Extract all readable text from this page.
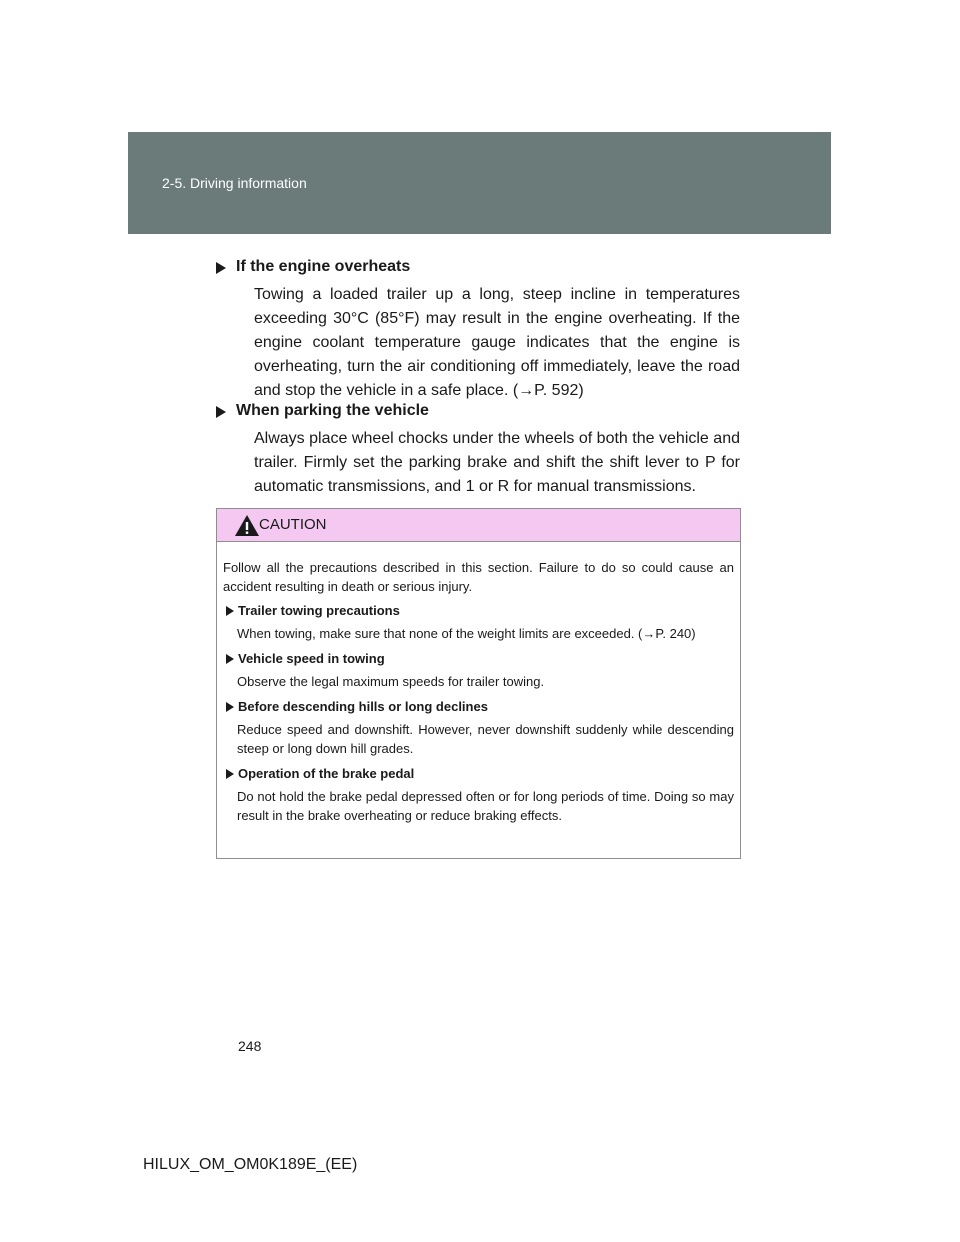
2-5. Driving information

If the engine overheats

Towing a loaded trailer up a long, steep incline in temperatures exceeding 30°C (85°F) may result in the engine overheating. If the engine coolant temperature gauge indicates that the engine is overheating, turn the air conditioning off immediately, leave the road and stop the vehicle in a safe place. (→P. 592)

When parking the vehicle

Always place wheel chocks under the wheels of both the vehicle and trailer. Firmly set the parking brake and shift the shift lever to P for automatic transmissions, and 1 or R for manual transmissions.

CAUTION

Follow all the precautions described in this section. Failure to do so could cause an accident resulting in death or serious injury.

Trailer towing precautions

When towing, make sure that none of the weight limits are exceeded. (→P. 240)

Vehicle speed in towing

Observe the legal maximum speeds for trailer towing.

Before descending hills or long declines

Reduce speed and downshift. However, never downshift suddenly while descending steep or long down hill grades.

Operation of the brake pedal

Do not hold the brake pedal depressed often or for long periods of time. Doing so may result in the brake overheating or reduce braking effects.

248
HILUX_OM_OM0K189E_(EE)
